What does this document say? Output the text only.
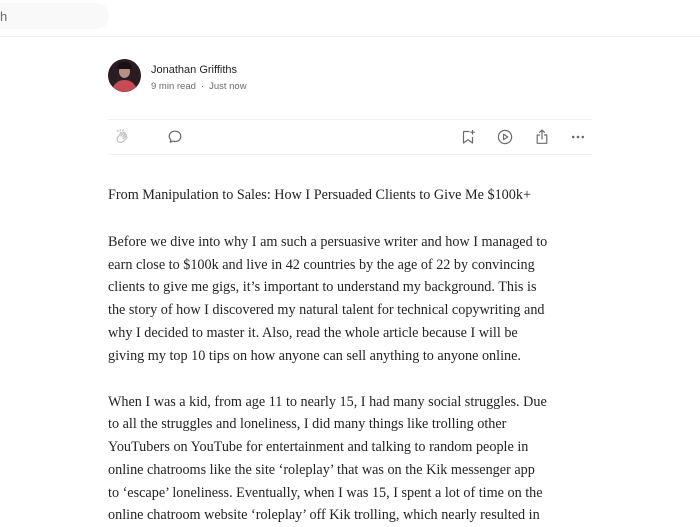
h
Jonathan Griffiths
9 min read · Just now
From Manipulation to Sales: How I Persuaded Clients to Give Me $100k+

Before we dive into why I am such a persuasive writer and how I managed to
earn close to $100k and live in 42 countries by the age of 22 by convincing
clients to give me gigs, it’s important to understand my background. This is
the story of how I discovered my natural talent for technical copywriting and
why I decided to master it. Also, read the whole article because I will be
giving my top 10 tips on how anyone can sell anything to anyone online.

When I was a kid, from age 11 to nearly 15, I had many social struggles. Due
to all the struggles and loneliness, I did many things like trolling other
YouTubers on YouTube for entertainment and talking to random people in
online chatrooms like the site ‘roleplay’ that was on the Kik messenger app
to ‘escape’ loneliness. Eventually, when I was 15, I spent a lot of time on the
online chatroom website ‘roleplay’ off Kik trolling, which nearly resulted in
